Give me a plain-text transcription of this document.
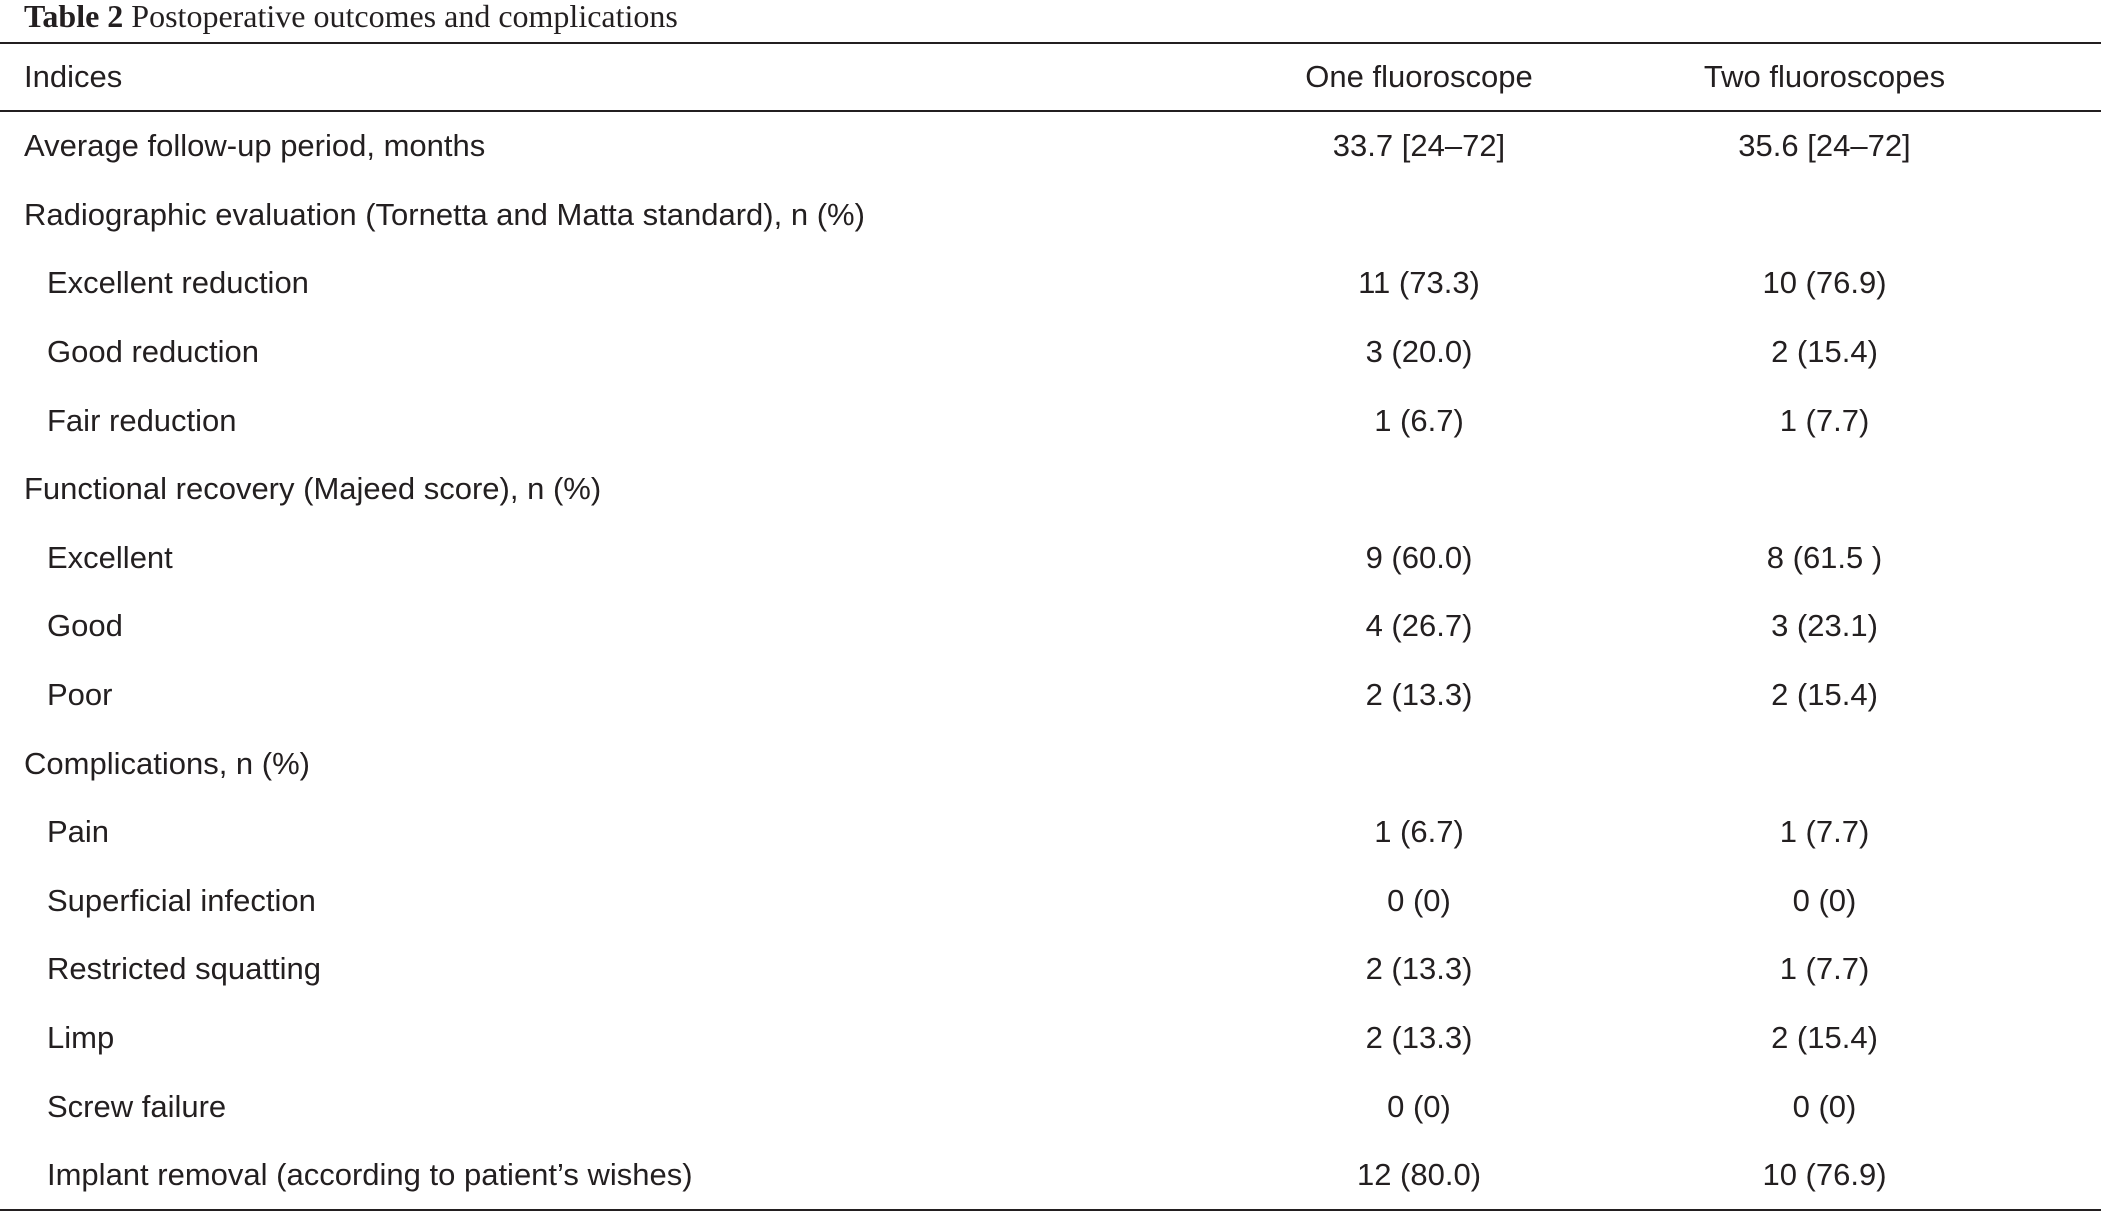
Table 2 Postoperative outcomes and complications
Indices	One fluoroscope	Two fluoroscopes
Average follow-up period, months	33.7 [24–72]	35.6 [24–72]
Radiographic evaluation (Tornetta and Matta standard), n (%)		
Excellent reduction	11 (73.3)	10 (76.9)
Good reduction	3 (20.0)	2 (15.4)
Fair reduction	1 (6.7)	1 (7.7)
Functional recovery (Majeed score), n (%)		
Excellent	9 (60.0)	8 (61.5 )
Good	4 (26.7)	3 (23.1)
Poor	2 (13.3)	2 (15.4)
Complications, n (%)		
Pain	1 (6.7)	1 (7.7)
Superficial infection	0 (0)	0 (0)
Restricted squatting	2 (13.3)	1 (7.7)
Limp	2 (13.3)	2 (15.4)
Screw failure	0 (0)	0 (0)
Implant removal (according to patient’s wishes)	12 (80.0)	10 (76.9)
